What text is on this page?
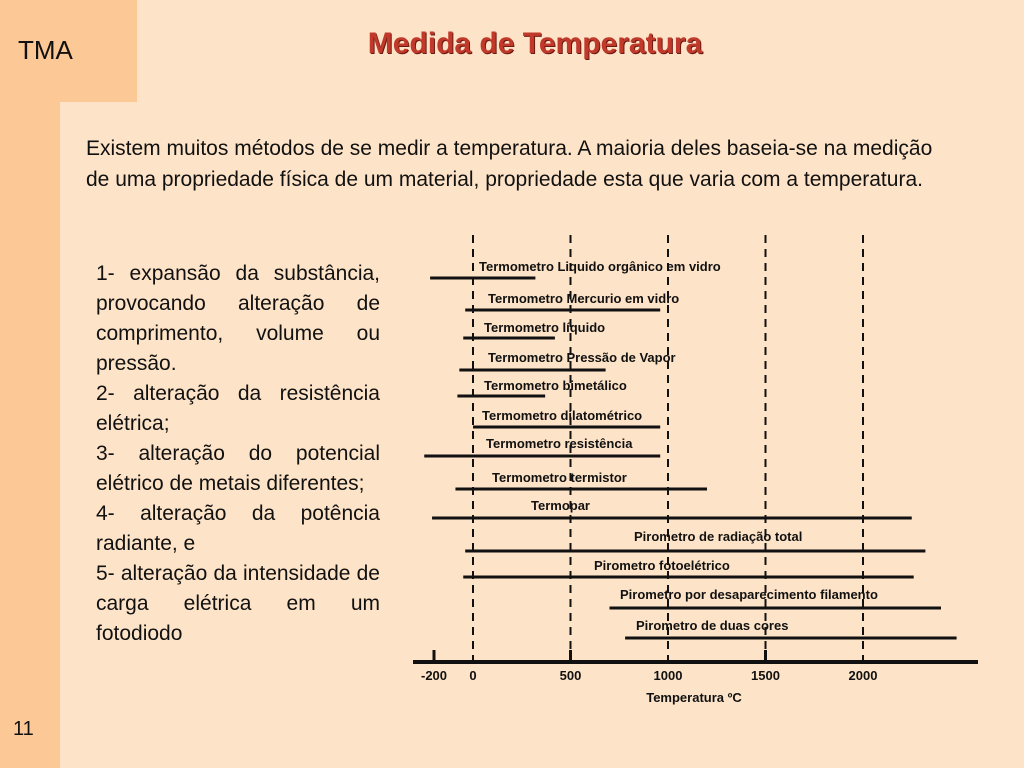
TMA
11
Medida de Temperatura
Existem muitos métodos de se medir a temperatura. A maioria deles baseia-se na medição de uma propriedade física de um material, propriedade esta que varia com a temperatura.
1- expansão da substância, provocando alteração de comprimento, volume ou pressão.
2- alteração da resistência elétrica;
3- alteração do potencial elétrico de metais diferentes;
4- alteração da potência radiante, e
5- alteração da intensidade de carga elétrica em um fotodiodo
-200 0	500	1000	1500	2000
Temperatura ºC
Termometro Liquido orgânico em vidro
Termometro Mercurio em vidro
Termometro líquido
Termometro Pressão de Vapor
Termometro bimetálico
Termometro dilatométrico
Termometro resistência
Termometro termistor
Termopar
Pirometro de radiação total
Pirometro fotoelétrico
Pirometro por desaparecimento filamento
Pirometro de duas cores
